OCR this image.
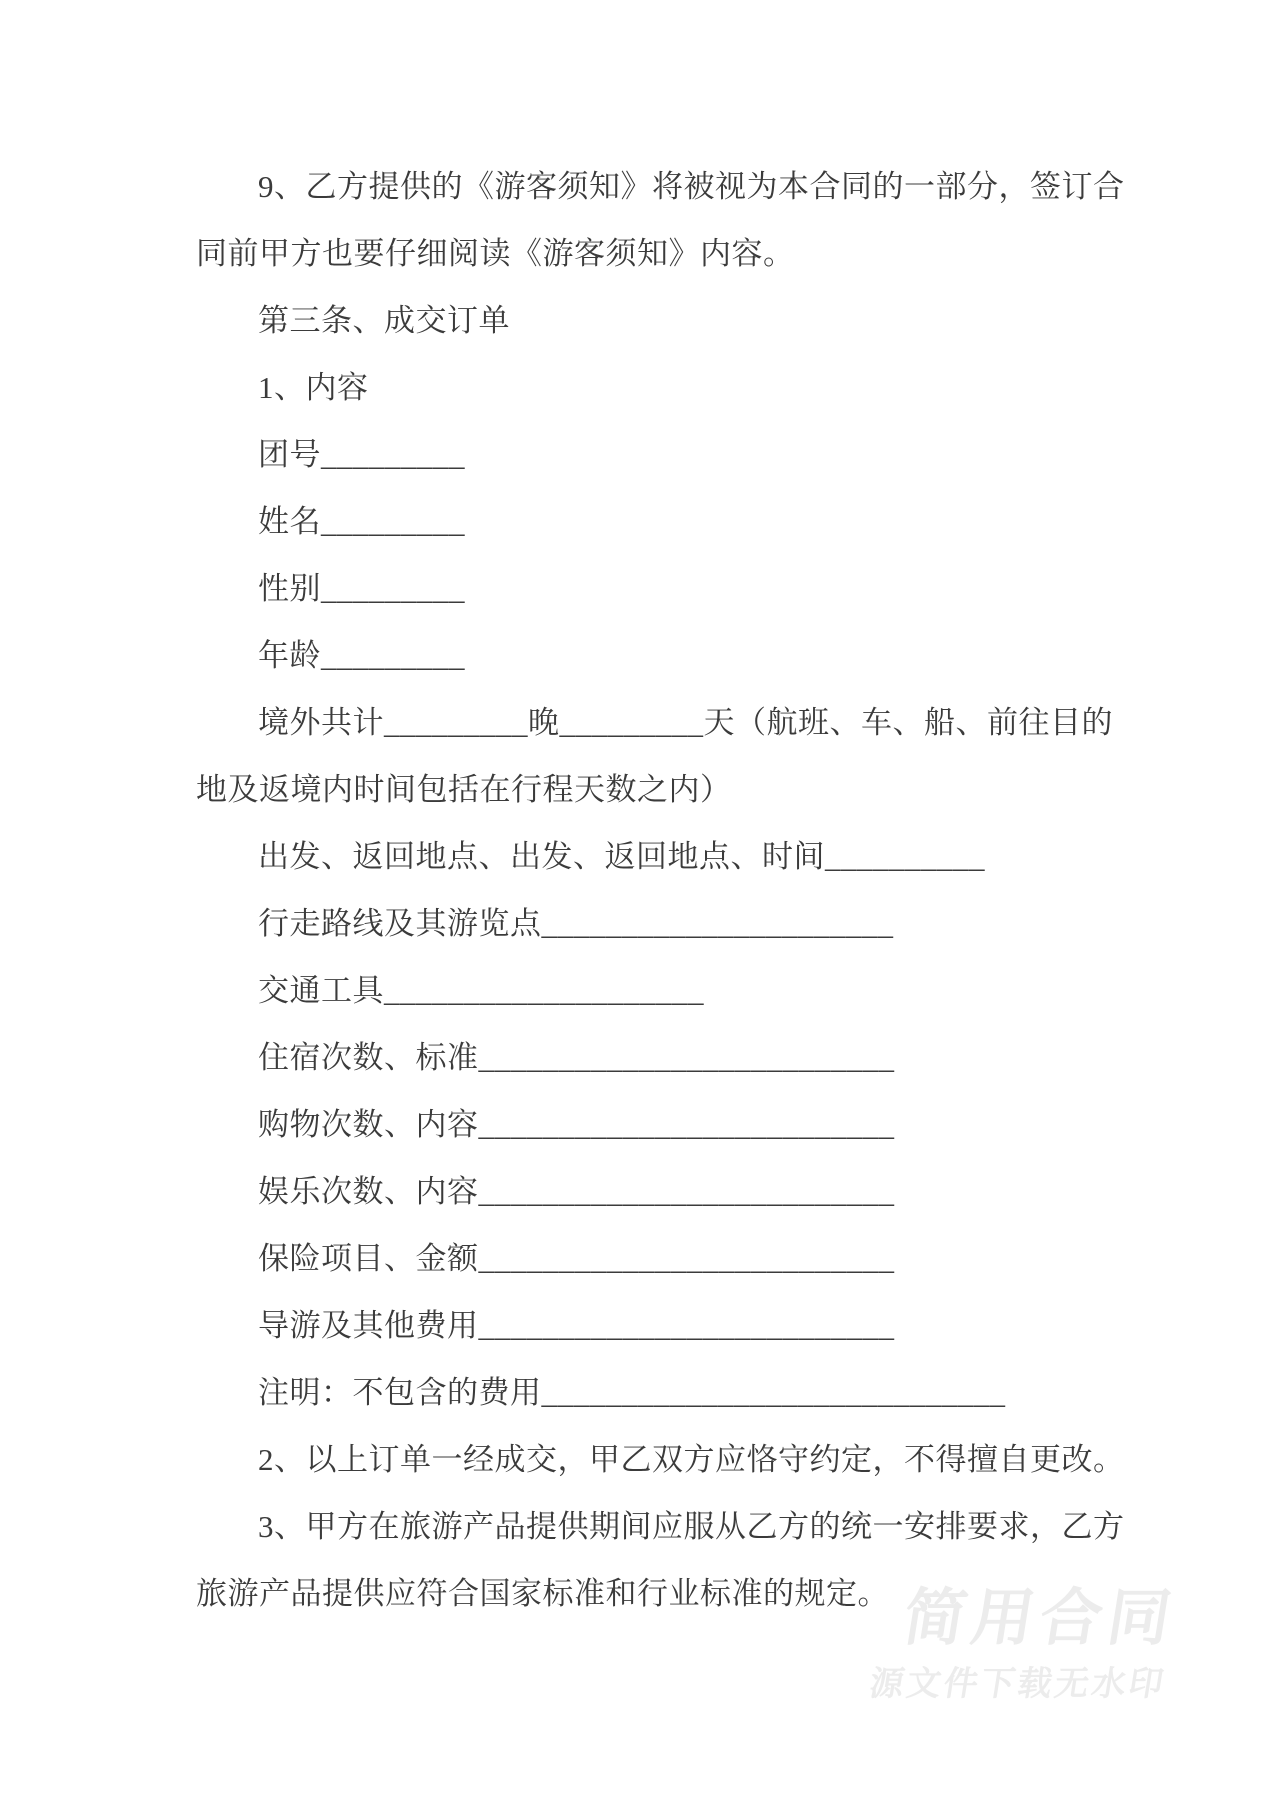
9、乙方提供的《游客须知》将被视为本合同的一部分，签订合
同前甲方也要仔细阅读《游客须知》内容。
第三条、成交订单
1、内容
团号_________
姓名_________
性别_________
年龄_________
境外共计_________晚_________天（航班、车、船、前往目的
地及返境内时间包括在行程天数之内）
出发、返回地点、出发、返回地点、时间__________
行走路线及其游览点______________________
交通工具____________________
住宿次数、标准__________________________
购物次数、内容__________________________
娱乐次数、内容__________________________
保险项目、金额__________________________
导游及其他费用__________________________
注明：不包含的费用_____________________________
2、以上订单一经成交，甲乙双方应恪守约定，不得擅自更改。
3、甲方在旅游产品提供期间应服从乙方的统一安排要求，乙方
旅游产品提供应符合国家标准和行业标准的规定。 简用合同
源文件下载无水印
